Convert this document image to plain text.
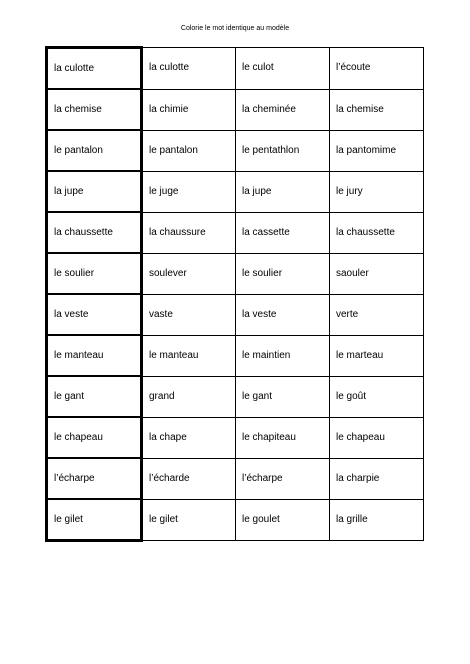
Colorie le mot identique au modèle
la culotte	la culotte	le culot	l’écoute
la chemise	la chimie	la cheminée	la chemise
le pantalon	le pantalon	le pentathlon	la pantomime
la jupe	le juge	la jupe	le jury
la chaussette	la chaussure	la cassette	la chaussette
le soulier	soulever	le soulier	saouler
la veste	vaste	la veste	verte
le manteau	le manteau	le maintien	le marteau
le gant	grand	le gant	le goût
le chapeau	la chape	le chapiteau	le chapeau
l’écharpe	l’écharde	l’écharpe	la charpie
le gilet	le gilet	le goulet	la grille
